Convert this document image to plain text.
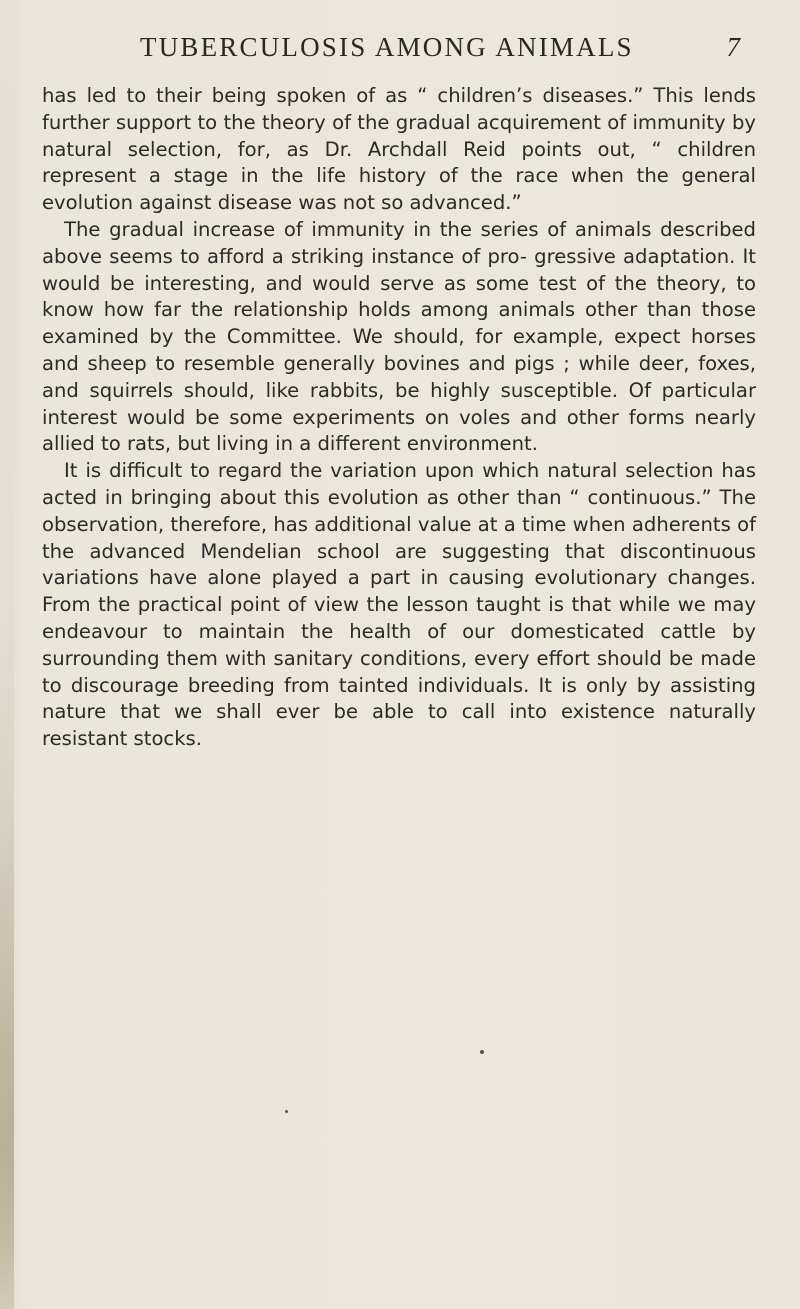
TUBERCULOSIS AMONG ANIMALS	7

has led to their being spoken of as “ children’s diseases.” This lends further support to the theory of the gradual acquirement of immunity by natural selection, for, as Dr. Archdall Reid points out, “ children represent a stage in the life history of the race when the general evolution against disease was not so advanced.”

The gradual increase of immunity in the series of animals described above seems to afford a striking instance of pro- gressive adaptation. It would be interesting, and would serve as some test of the theory, to know how far the relationship holds among animals other than those examined by the Committee. We should, for example, expect horses and sheep to resemble generally bovines and pigs ; while deer, foxes, and squirrels should, like rabbits, be highly susceptible. Of particular interest would be some experiments on voles and other forms nearly allied to rats, but living in a different environment.

It is difficult to regard the variation upon which natural selection has acted in bringing about this evolution as other than “ continuous.” The observation, therefore, has additional value at a time when adherents of the advanced Mendelian school are suggesting that discontinuous variations have alone played a part in causing evolutionary changes. From the practical point of view the lesson taught is that while we may endeavour to maintain the health of our domesticated cattle by surrounding them with sanitary conditions, every effort should be made to discourage breeding from tainted individuals. It is only by assisting nature that we shall ever be able to call into existence naturally resistant stocks.
